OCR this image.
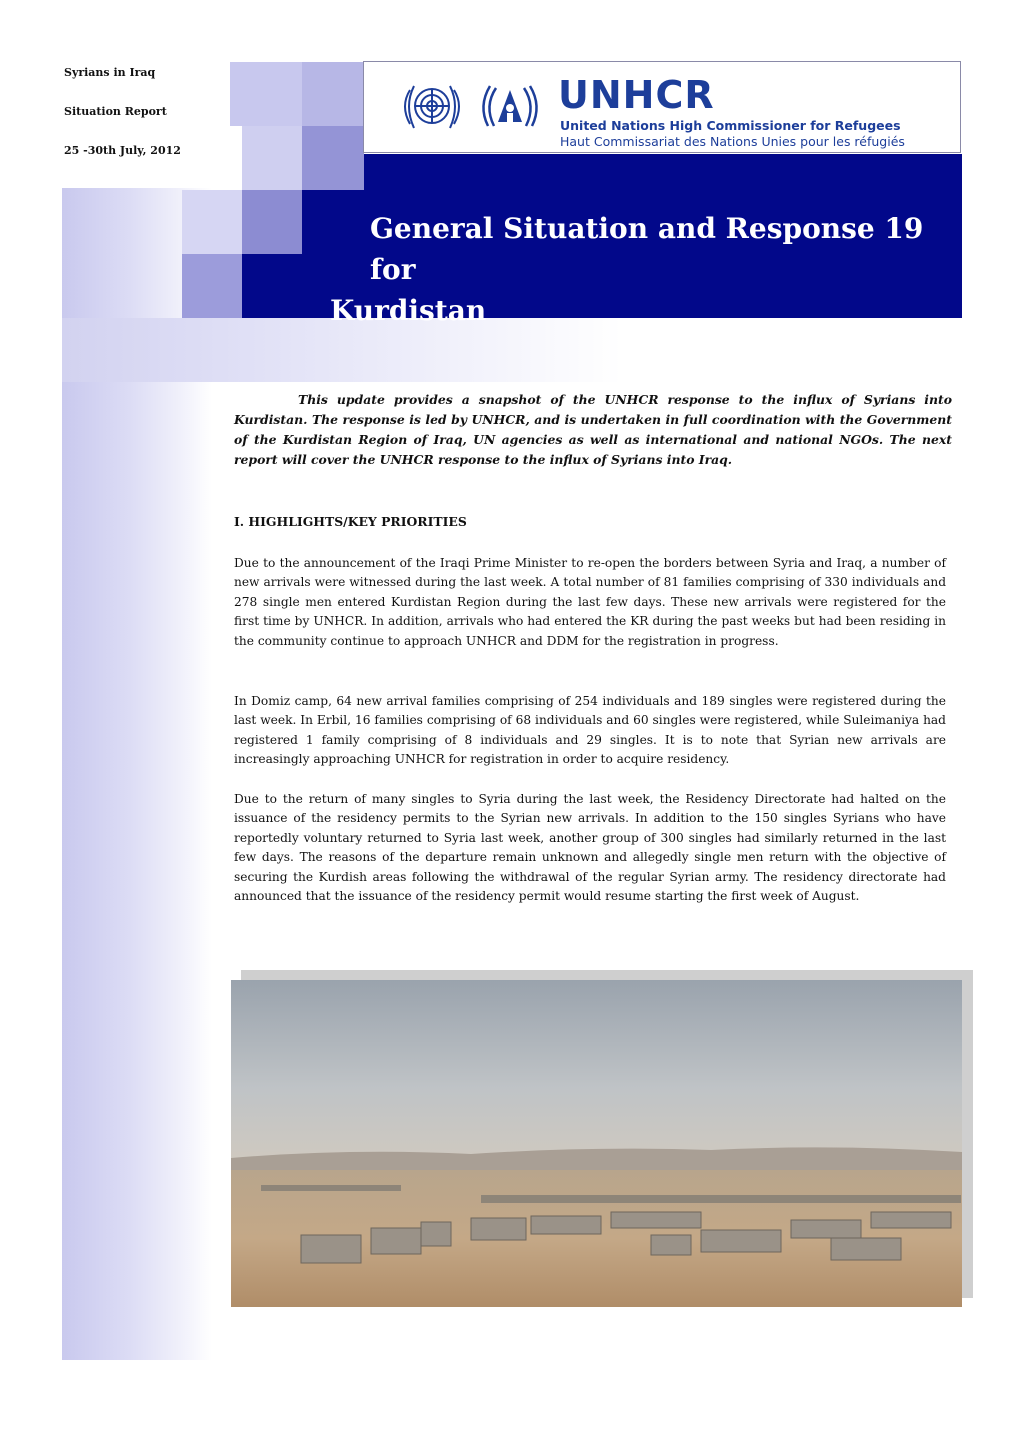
Syrians in Iraq
Situation Report
25 -30th July, 2012
UNHCR
United Nations High Commissioner for Refugees
Haut Commissariat des Nations Unies pour les réfugiés
General Situation and Response 19 for
Kurdistan
This update provides a snapshot of the UNHCR response to the influx of Syrians into Kurdistan. The response is led by UNHCR, and is undertaken in full coordination with the Government of the Kurdistan Region of Iraq, UN agencies as well as international and national NGOs. The next report will cover the UNHCR response to the influx of Syrians into Iraq.
I. HIGHLIGHTS/KEY PRIORITIES

Due to the announcement of the Iraqi Prime Minister to re-open the borders between Syria and Iraq, a number of new arrivals were witnessed during the last week. A total number of 81 families comprising of 330 individuals and 278 single men entered Kurdistan Region during the last few days. These new arrivals were registered for the first time by UNHCR. In addition, arrivals who had entered the KR during the past weeks but had been residing in the community continue to approach UNHCR and DDM for the registration in progress.

In Domiz camp, 64 new arrival families comprising of 254 individuals and 189 singles were registered during the last week. In Erbil, 16 families comprising of 68 individuals and 60 singles were registered, while Suleimaniya had registered 1 family comprising of 8 individuals and 29 singles. It is to note that Syrian new arrivals are increasingly approaching UNHCR for registration in order to acquire residency.

Due to the return of many singles to Syria during the last week, the Residency Directorate had halted on the issuance of the residency permits to the Syrian new arrivals. In addition to the 150 singles Syrians who have reportedly voluntary returned to Syria last week, another group of 300 singles had similarly returned in the last few days. The reasons of the departure remain unknown and allegedly single men return with the objective of securing the Kurdish areas following the withdrawal of the regular Syrian army. The residency directorate had announced that the issuance of the residency permit would resume starting the first week of August.
